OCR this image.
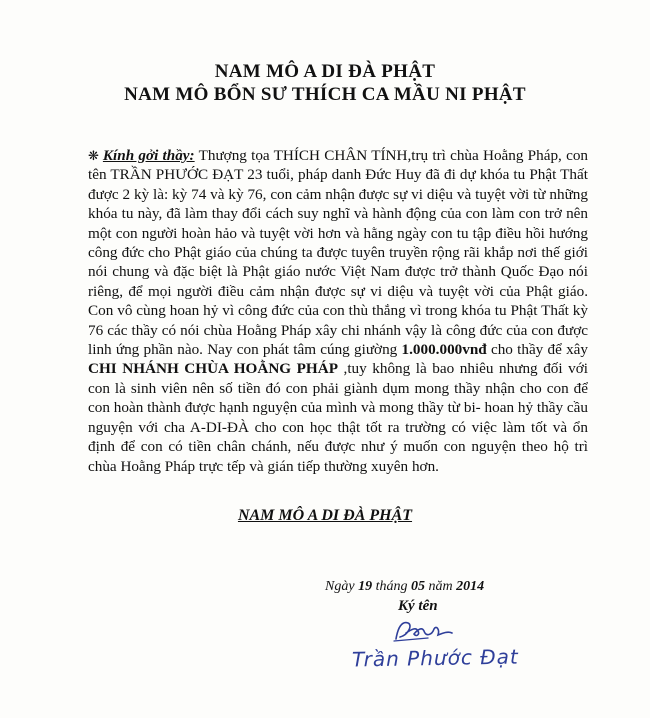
NAM MÔ A DI ĐÀ PHẬT
NAM MÔ BỔN SƯ THÍCH CA MẦU NI PHẬT

❋ Kính gởi thầy: Thượng tọa THÍCH CHÂN TÍNH,trụ trì chùa Hoằng Pháp, con tên TRẦN PHƯỚC ĐẠT 23 tuổi, pháp danh Đức Huy đã đi dự khóa tu Phật Thất được 2 kỳ là: kỳ 74 và kỳ 76, con cảm nhận được sự vi diệu và tuyệt vời từ những khóa tu này, đã làm thay đổi cách suy nghĩ và hành động của con làm con trở nên một con người hoàn hảo và tuyệt vời hơn và hằng ngày con tu tập điều hồi hướng công đức cho Phật giáo của chúng ta được tuyên truyền rộng rãi khắp nơi thế giới nói chung và đặc biệt là Phật giáo nước Việt Nam được trở thành Quốc Đạo nói riêng, để mọi người điều cảm nhận được sự vi diệu và tuyệt vời của Phật giáo. Con vô cùng hoan hỷ vì công đức của con thù thắng vì trong khóa tu Phật Thất kỳ 76 các thầy có nói chùa Hoằng Pháp xây chi nhánh vậy là công đức của con được linh ứng phần nào. Nay con phát tâm cúng giường 1.000.000vnđ cho thầy để xây CHI NHÁNH CHÙA HOẰNG PHÁP ,tuy không là bao nhiêu nhưng đối với con là sinh viên nên số tiền đó con phải giành dụm mong thầy nhận cho con để con hoàn thành được hạnh nguyện của mình và mong thầy từ bi- hoan hỷ thầy cầu nguyện với cha A-DI-ĐÀ cho con học thật tốt ra trường có việc làm tốt và ổn định để con có tiền chân chánh, nếu được như ý muốn con nguyện theo hộ trì chùa Hoằng Pháp trực tếp và gián tiếp thường xuyên hơn.

NAM MÔ A DI ĐÀ PHẬT
Ngày 19 tháng 05 năm 2014
Ký tên
Trần Phước Đạt
